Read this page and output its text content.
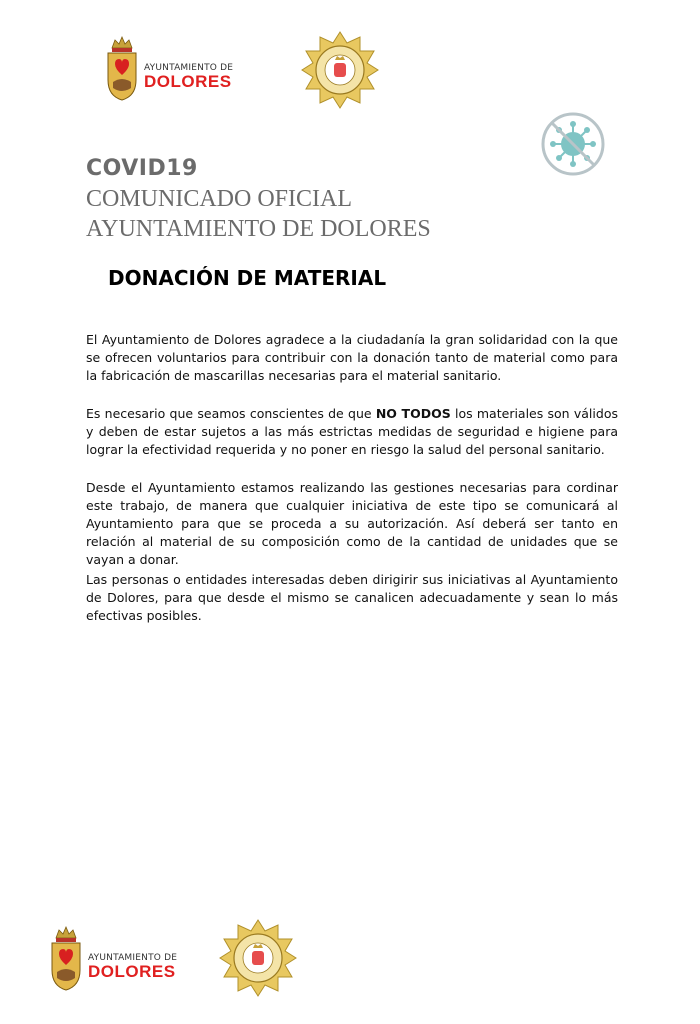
AYUNTAMIENTO DE
DOLORES
COVID19
COMUNICADO OFICIAL
AYUNTAMIENTO DE DOLORES
DONACIÓN DE MATERIAL

El Ayuntamiento de Dolores agradece a la ciudadanía la gran solidaridad con la que se ofrecen voluntarios para contribuir con la donación tanto de material como para la fabricación de mascarillas necesarias para el material sanitario.

Es necesario que seamos conscientes de que NO TODOS los materiales son válidos y deben de estar sujetos a las más estrictas medidas de seguridad e higiene para lograr la efectividad requerida y no poner en riesgo la salud del personal sanitario.

Desde el Ayuntamiento estamos realizando las gestiones necesarias para cordinar este trabajo, de manera que cualquier iniciativa de este tipo se comunicará al Ayuntamiento para que se proceda a su autorización. Así deberá ser tanto en relación al material de su composición como de la cantidad de unidades que se vayan a donar.

Las personas o entidades interesadas deben dirigirir sus iniciativas al Ayuntamiento de Dolores, para que desde el mismo se canalicen adecuadamente y sean lo más efectivas posibles.

AYUNTAMIENTO DE
DOLORES
